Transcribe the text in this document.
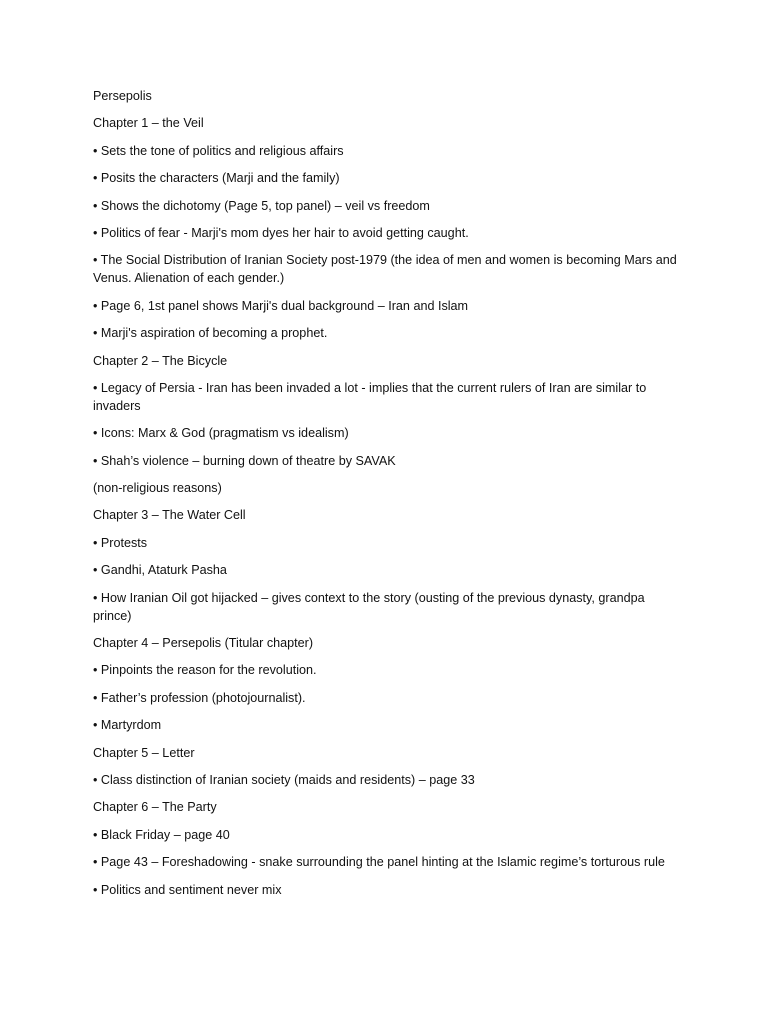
Persepolis

Chapter 1 – the Veil

• Sets the tone of politics and religious affairs

• Posits the characters (Marji and the family)

• Shows the dichotomy (Page 5, top panel) – veil vs freedom

• Politics of fear - Marji's mom dyes her hair to avoid getting caught.

• The Social Distribution of Iranian Society post-1979 (the idea of men and women is becoming Mars and Venus. Alienation of each gender.)

• Page 6, 1st panel shows Marji's dual background – Iran and Islam

• Marji's aspiration of becoming a prophet.

Chapter 2 – The Bicycle

• Legacy of Persia - Iran has been invaded a lot - implies that the current rulers of Iran are similar to invaders

• Icons: Marx & God (pragmatism vs idealism)

• Shah’s violence – burning down of theatre by SAVAK

(non-religious reasons)

Chapter 3 – The Water Cell

• Protests

• Gandhi, Ataturk Pasha

• How Iranian Oil got hijacked – gives context to the story (ousting of the previous dynasty, grandpa prince)

Chapter 4 – Persepolis (Titular chapter)

• Pinpoints the reason for the revolution.

• Father’s profession (photojournalist).

• Martyrdom

Chapter 5 – Letter

• Class distinction of Iranian society (maids and residents) – page 33

Chapter 6 – The Party

• Black Friday – page 40

• Page 43 – Foreshadowing - snake surrounding the panel hinting at the Islamic regime’s torturous rule

• Politics and sentiment never mix
